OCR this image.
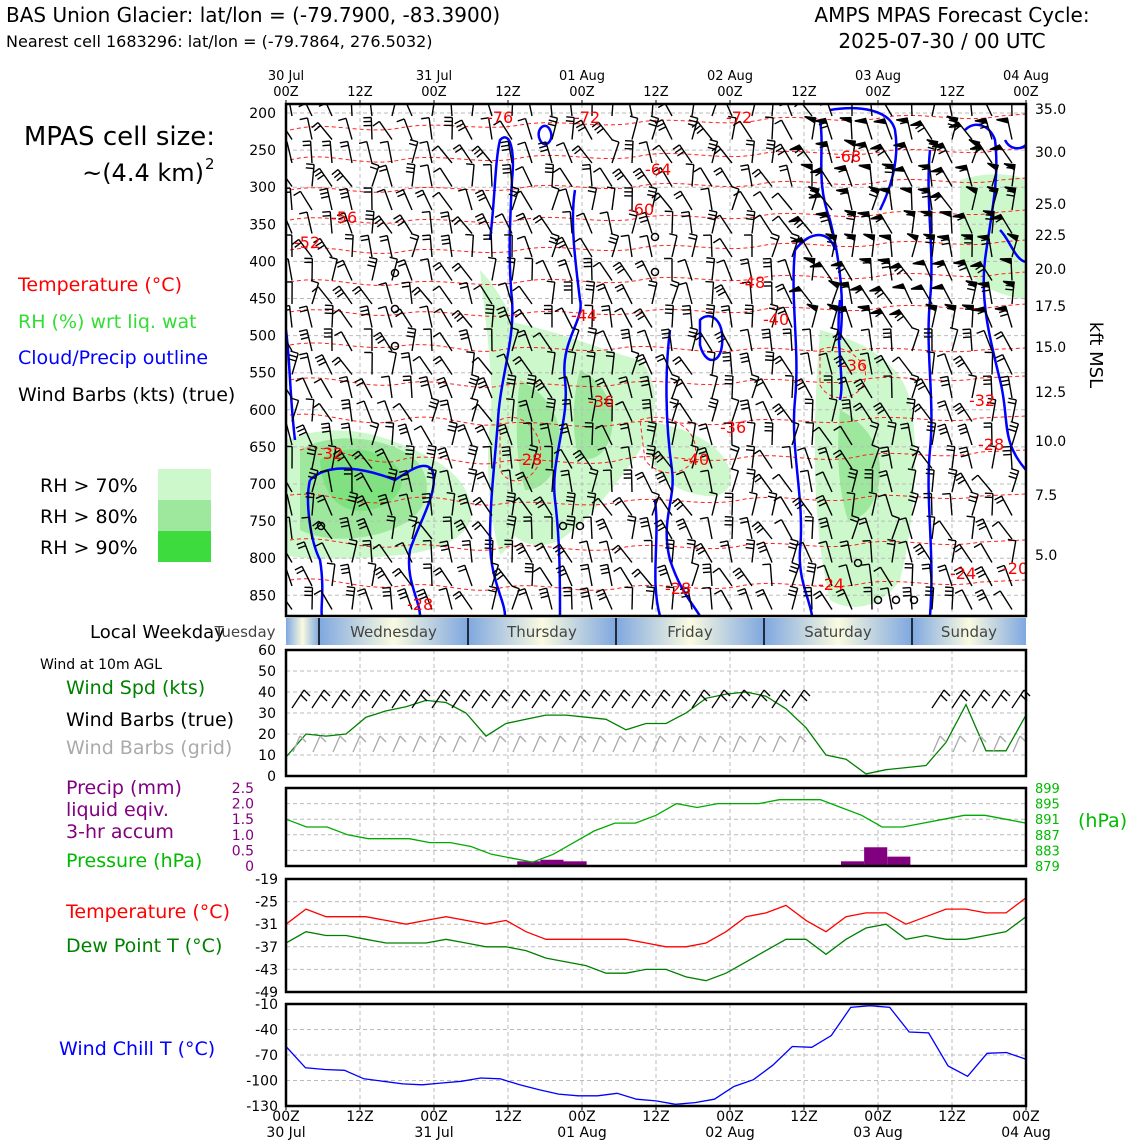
BAS Union Glacier: lat/lon = (-79.7900, -83.3900)
Nearest cell 1683296: lat/lon = (-79.7864, 276.5032)
AMPS MPAS Forecast Cycle:
2025-07-30 / 00 UTC
MPAS cell size:
~(4.4 km) 2
Temperature (°C)
RH (%) wrt liq. wat
Cloud/Precip outline
Wind Barbs (kts) (true)
RH > 70%
RH > 80%
RH > 90%
00Z
30 Jul
12Z	00Z
31 Jul
12Z	00Z
01 Aug
12Z	00Z
02 Aug
12Z	00Z
03 Aug
12Z	00Z
04 Aug
-76	-72	-72
-68
-64
-60
-56
-52
-48
-44	-40
-36
-36
-40
-36
-32
-32	-28
-28
-28
-24
-24 -20
-28
200
250
300
350
400
450
500
550
600
650
700
750
800
850
35.0
30.0
25.0
22.5
20.0
17.5
15.0
12.5
10.0
7.5
5.0
kft MSL
Local Weekday
Tuesday	Wednesday	Thursday	Friday	Saturday	Sunday
Wind at 10m AGL
Wind Spd (kts)
Wind Barbs (true)
Wind Barbs (grid)
60
50
40
30
20
10
0
Precip (mm)
liquid eqiv.
3-hr accum
Pressure (hPa)
(hPa)
2.5
2.0
1.5
1.0
0.5
0
899
895
891
887
883
879
Temperature (°C)
Dew Point T (°C)
-19
-25
-31
-37
-43
-49
Wind Chill T (°C)
-10
-40
-70
-100
-130
00Z
30 Jul
12Z	00Z
31 Jul
12Z	00Z
01 Aug
12Z	00Z
02 Aug
12Z	00Z
03 Aug
12Z	00Z
04 Aug
